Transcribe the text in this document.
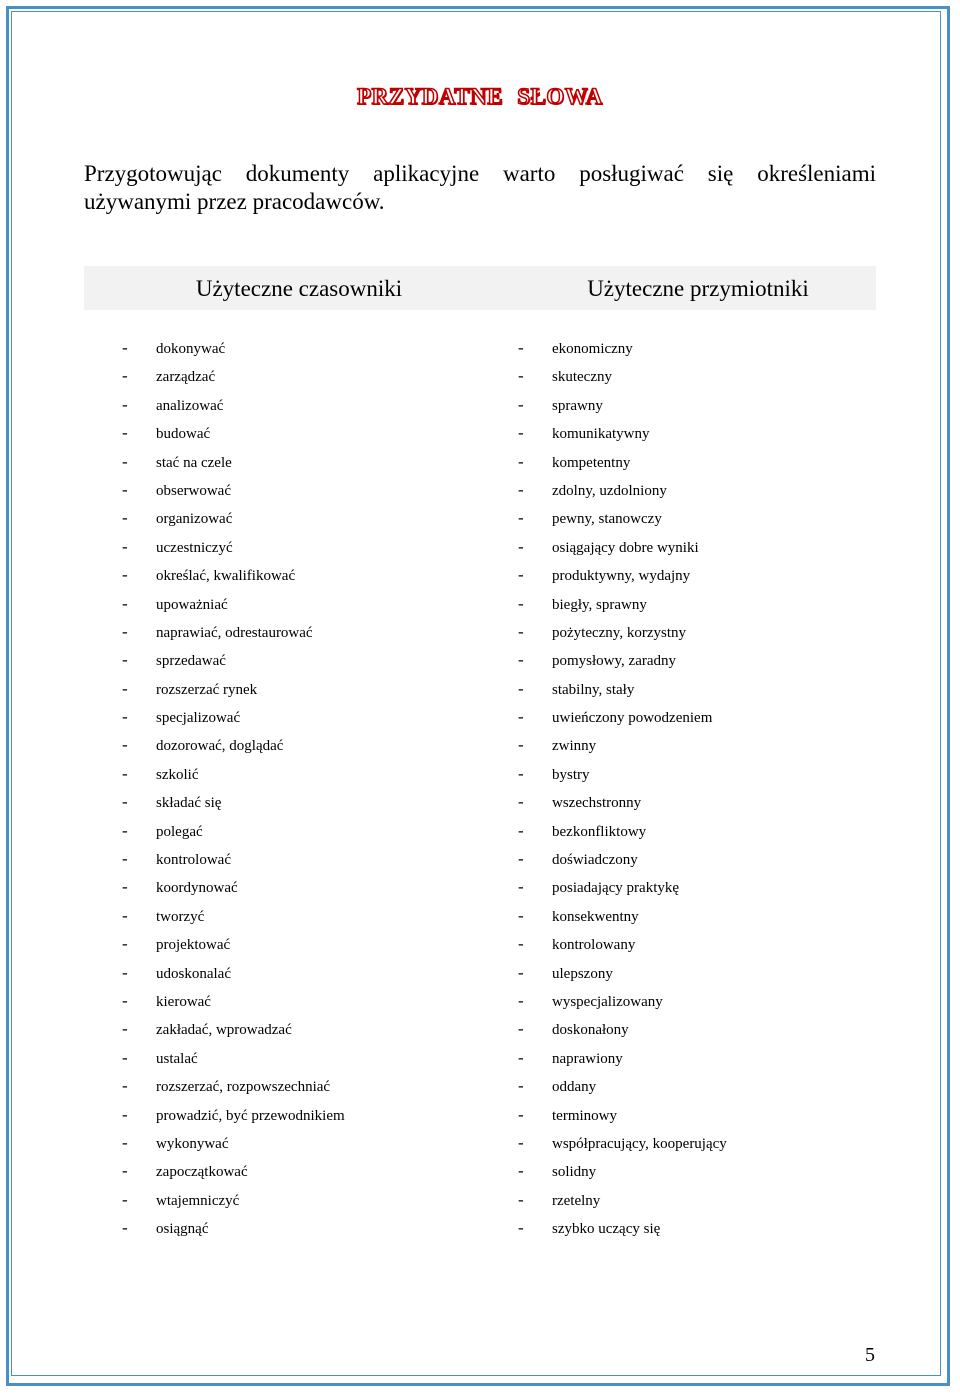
PRZYDATNE SŁOWA
Przygotowując dokumenty aplikacyjne warto posługiwać się określeniami
używanymi przez pracodawców.
Użyteczne czasowniki	Użyteczne przymiotniki
- dokonywać
- zarządzać
- analizować
- budować
- stać na czele
- obserwować
- organizować
- uczestniczyć
- określać, kwalifikować
- upoważniać
- naprawiać, odrestaurować
- sprzedawać
- rozszerzać rynek
- specjalizować
- dozorować, doglądać
- szkolić
- składać się
- polegać
- kontrolować
- koordynować
- tworzyć
- projektować
- udoskonalać
- kierować
- zakładać, wprowadzać
- ustalać
- rozszerzać, rozpowszechniać
- prowadzić, być przewodnikiem
- wykonywać
- zapoczątkować
- wtajemniczyć
- osiągnąć
- ekonomiczny
- skuteczny
- sprawny
- komunikatywny
- kompetentny
- zdolny, uzdolniony
- pewny, stanowczy
- osiągający dobre wyniki
- produktywny, wydajny
- biegły, sprawny
- pożyteczny, korzystny
- pomysłowy, zaradny
- stabilny, stały
- uwieńczony powodzeniem
- zwinny
- bystry
- wszechstronny
- bezkonfliktowy
- doświadczony
- posiadający praktykę
- konsekwentny
- kontrolowany
- ulepszony
- wyspecjalizowany
- doskonałony
- naprawiony
- oddany
- terminowy
- współpracujący, kooperujący
- solidny
- rzetelny
- szybko uczący się
5
